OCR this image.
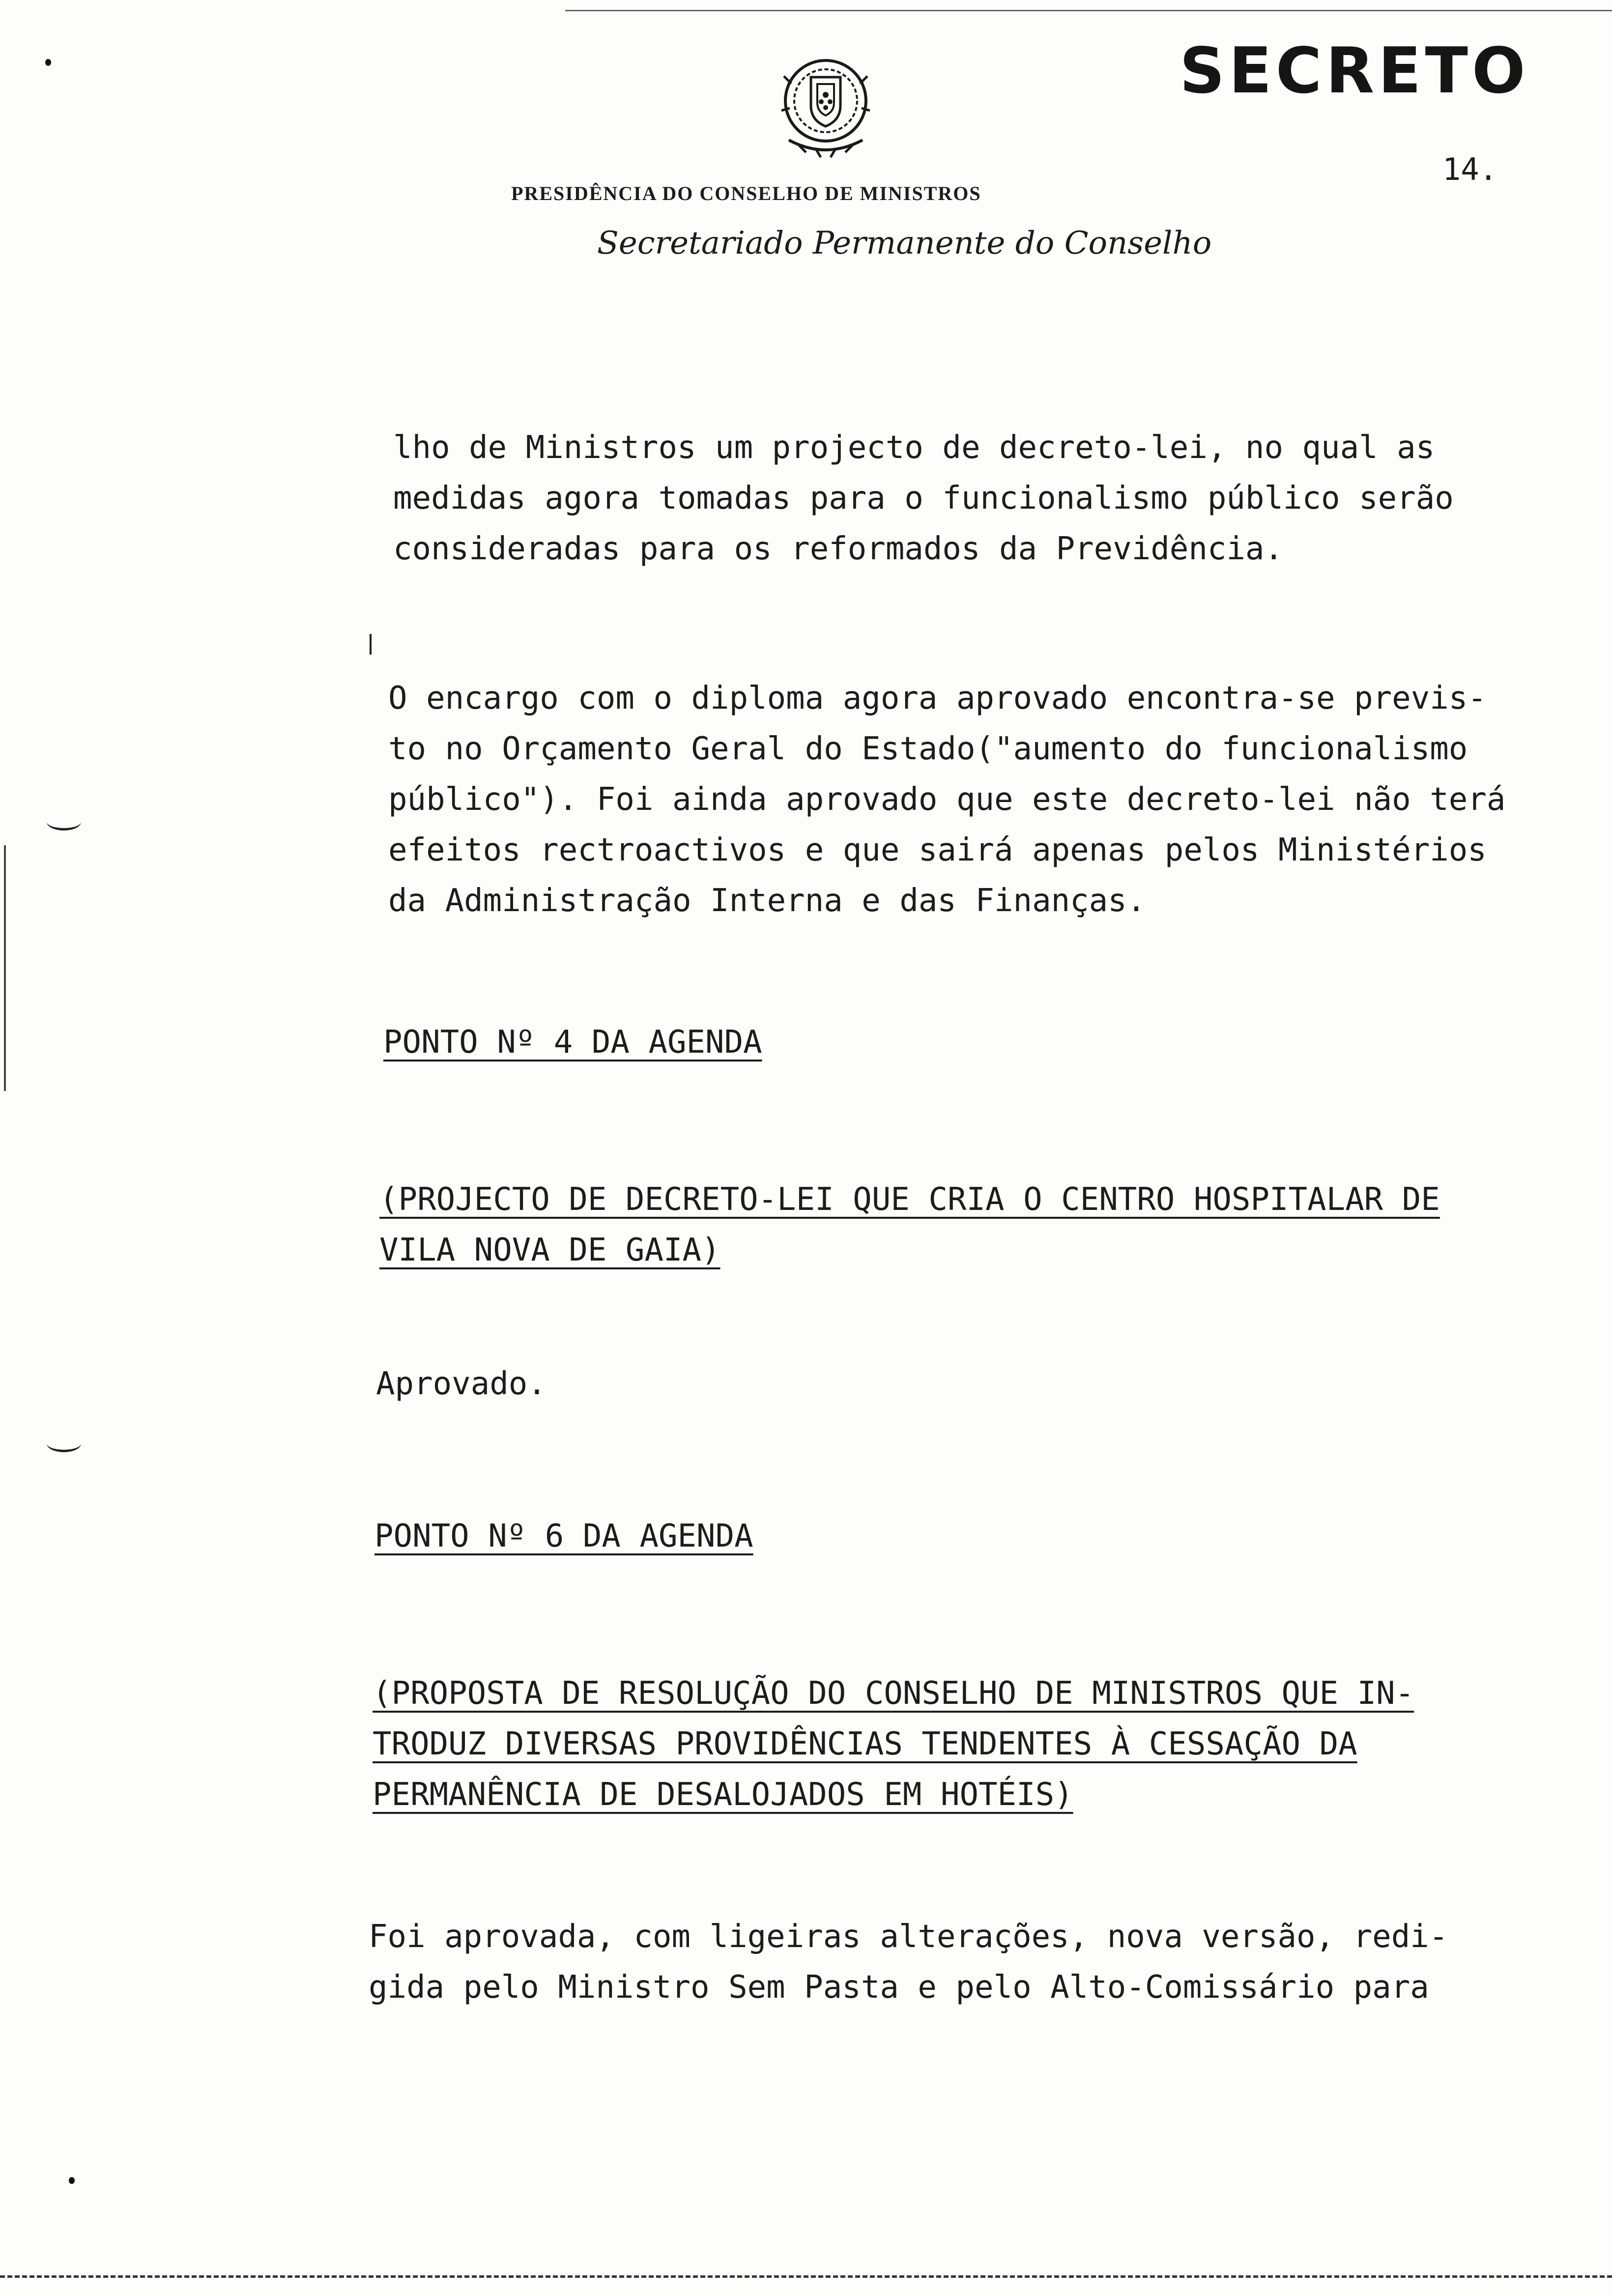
SECRETO
14.
PRESIDÊNCIA DO CONSELHO DE MINISTROS
Secretariado Permanente do Conselho
lho de Ministros um projecto de decreto-lei, no qual as
medidas agora tomadas para o funcionalismo público serão
consideradas para os reformados da Previdência.
O encargo com o diploma agora aprovado encontra-se previs-
to no Orçamento Geral do Estado("aumento do funcionalismo
público"). Foi ainda aprovado que este decreto-lei não terá
efeitos rectroactivos e que sairá apenas pelos Ministérios
da Administração Interna e das Finanças.
PONTO Nº 4 DA AGENDA
(PROJECTO DE DECRETO-LEI QUE CRIA O CENTRO HOSPITALAR DE
VILA NOVA DE GAIA)
Aprovado.
PONTO Nº 6 DA AGENDA
(PROPOSTA DE RESOLUÇÃO DO CONSELHO DE MINISTROS QUE IN-
TRODUZ DIVERSAS PROVIDÊNCIAS TENDENTES À CESSAÇÃO DA
PERMANÊNCIA DE DESALOJADOS EM HOTÉIS)
Foi aprovada, com ligeiras alterações, nova versão, redi-
gida pelo Ministro Sem Pasta e pelo Alto-Comissário para
